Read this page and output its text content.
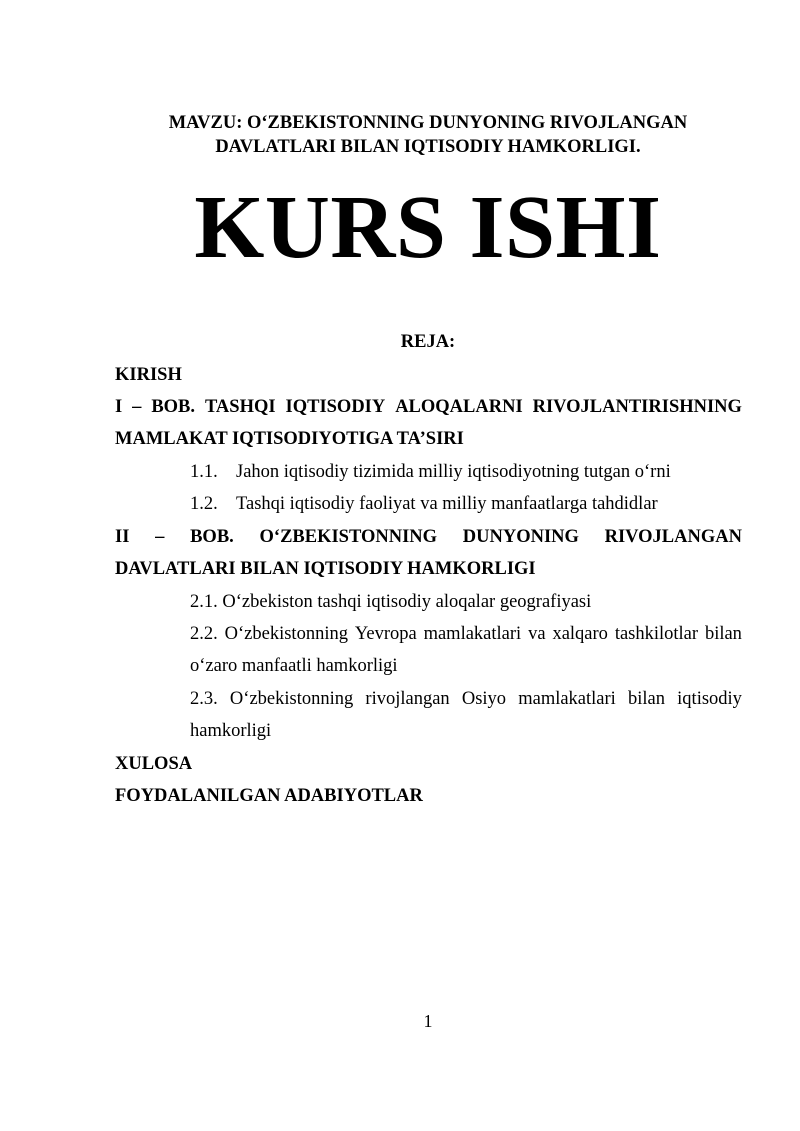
MAVZU: O‘ZBEKISTONNING DUNYONING RIVOJLANGAN

DAVLATLARI BILAN IQTISODIY HAMKORLIGI.

KURS ISHI

REJA:

KIRISH

I – BOB. TASHQI IQTISODIY ALOQALARNI RIVOJLANTIRISHNING

MAMLAKAT IQTISODIYOTIGA TA’SIRI

1.1. Jahon iqtisodiy tizimida milliy iqtisodiyotning tutgan o‘rni

1.2. Tashqi iqtisodiy faoliyat va milliy manfaatlarga tahdidlar

II – BOB. O‘ZBEKISTONNING DUNYONING RIVOJLANGAN

DAVLATLARI BILAN IQTISODIY HAMKORLIGI

2.1. O‘zbekiston tashqi iqtisodiy aloqalar geografiyasi

2.2. O‘zbekistonning Yevropa mamlakatlari va xalqaro tashkilotlar bilan

o‘zaro manfaatli hamkorligi

2.3. O‘zbekistonning rivojlangan Osiyo mamlakatlari bilan iqtisodiy

hamkorligi

XULOSA

FOYDALANILGAN ADABIYOTLAR

1
